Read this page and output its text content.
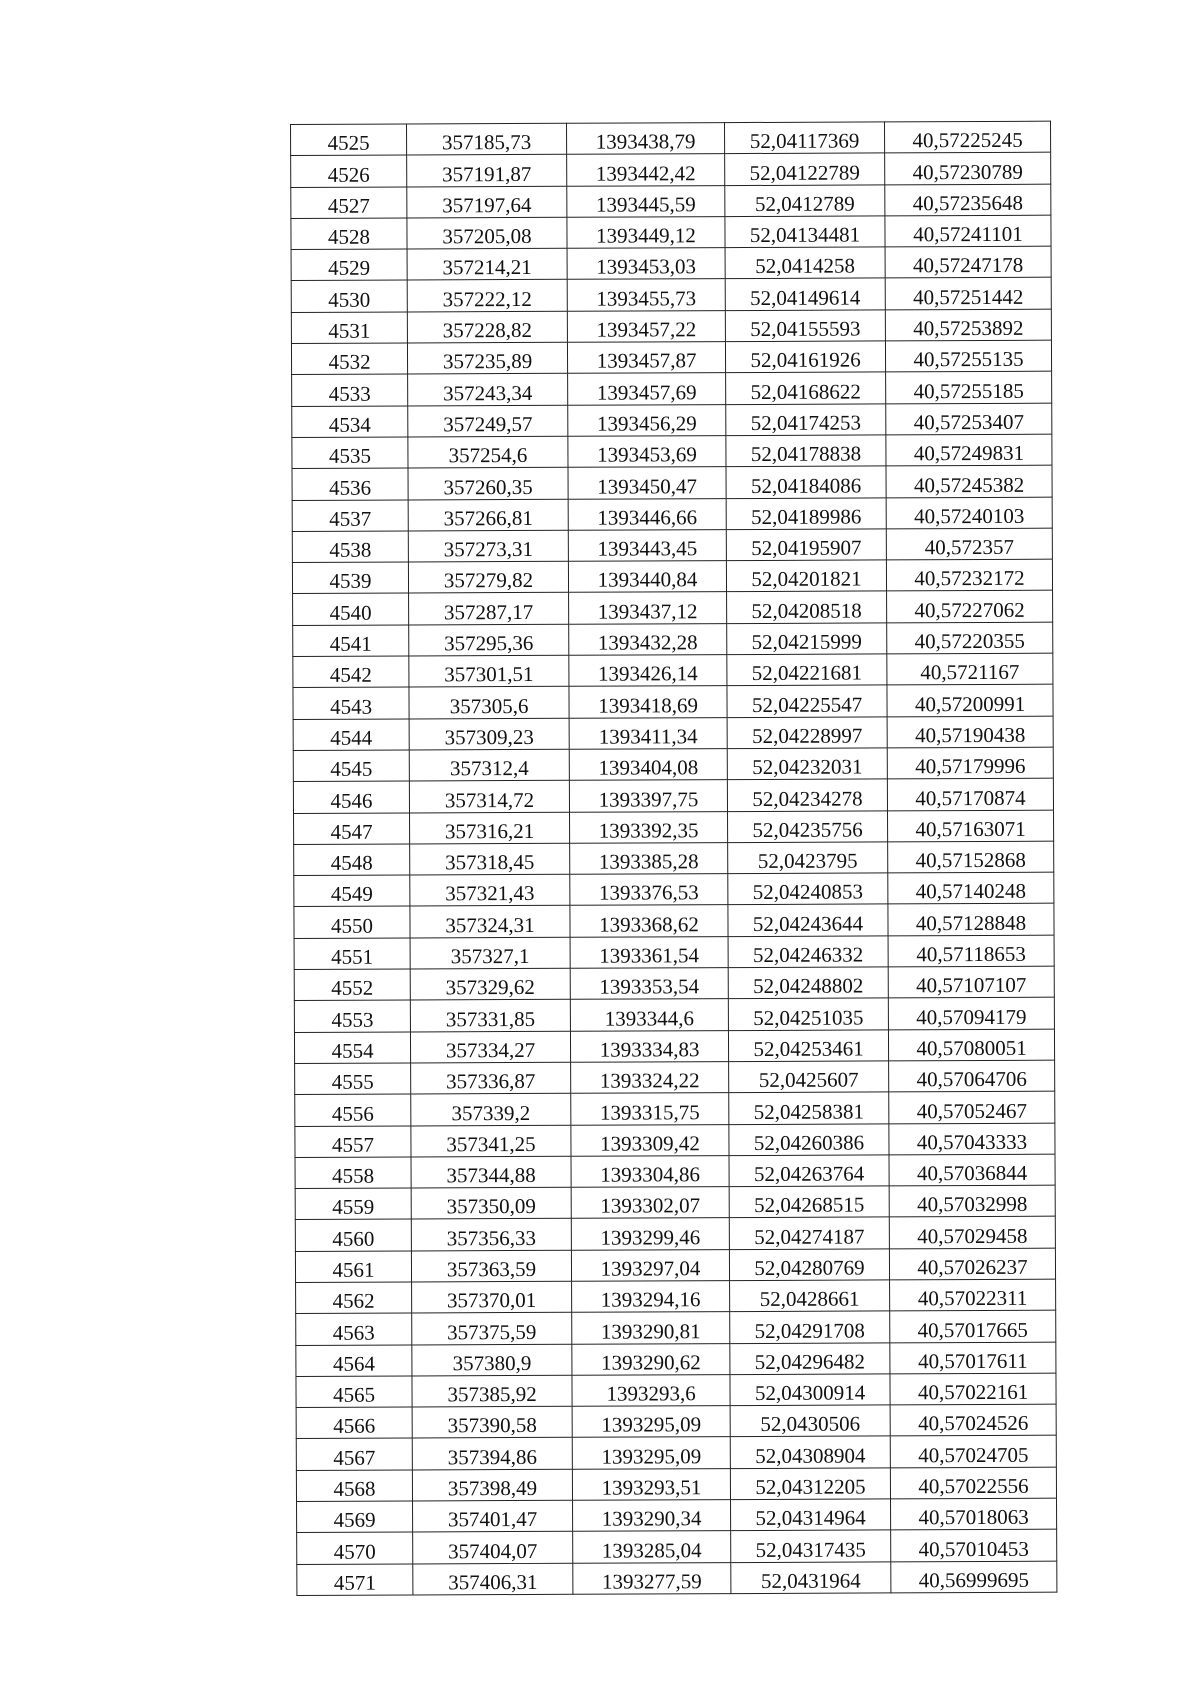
4525	357185,73	1393438,79	52,04117369	40,57225245
4526	357191,87	1393442,42	52,04122789	40,57230789
4527	357197,64	1393445,59	52,0412789	40,57235648
4528	357205,08	1393449,12	52,04134481	40,57241101
4529	357214,21	1393453,03	52,0414258	40,57247178
4530	357222,12	1393455,73	52,04149614	40,57251442
4531	357228,82	1393457,22	52,04155593	40,57253892
4532	357235,89	1393457,87	52,04161926	40,57255135
4533	357243,34	1393457,69	52,04168622	40,57255185
4534	357249,57	1393456,29	52,04174253	40,57253407
4535	357254,6	1393453,69	52,04178838	40,57249831
4536	357260,35	1393450,47	52,04184086	40,57245382
4537	357266,81	1393446,66	52,04189986	40,57240103
4538	357273,31	1393443,45	52,04195907	40,572357
4539	357279,82	1393440,84	52,04201821	40,57232172
4540	357287,17	1393437,12	52,04208518	40,57227062
4541	357295,36	1393432,28	52,04215999	40,57220355
4542	357301,51	1393426,14	52,04221681	40,5721167
4543	357305,6	1393418,69	52,04225547	40,57200991
4544	357309,23	1393411,34	52,04228997	40,57190438
4545	357312,4	1393404,08	52,04232031	40,57179996
4546	357314,72	1393397,75	52,04234278	40,57170874
4547	357316,21	1393392,35	52,04235756	40,57163071
4548	357318,45	1393385,28	52,0423795	40,57152868
4549	357321,43	1393376,53	52,04240853	40,57140248
4550	357324,31	1393368,62	52,04243644	40,57128848
4551	357327,1	1393361,54	52,04246332	40,57118653
4552	357329,62	1393353,54	52,04248802	40,57107107
4553	357331,85	1393344,6	52,04251035	40,57094179
4554	357334,27	1393334,83	52,04253461	40,57080051
4555	357336,87	1393324,22	52,0425607	40,57064706
4556	357339,2	1393315,75	52,04258381	40,57052467
4557	357341,25	1393309,42	52,04260386	40,57043333
4558	357344,88	1393304,86	52,04263764	40,57036844
4559	357350,09	1393302,07	52,04268515	40,57032998
4560	357356,33	1393299,46	52,04274187	40,57029458
4561	357363,59	1393297,04	52,04280769	40,57026237
4562	357370,01	1393294,16	52,0428661	40,57022311
4563	357375,59	1393290,81	52,04291708	40,57017665
4564	357380,9	1393290,62	52,04296482	40,57017611
4565	357385,92	1393293,6	52,04300914	40,57022161
4566	357390,58	1393295,09	52,0430506	40,57024526
4567	357394,86	1393295,09	52,04308904	40,57024705
4568	357398,49	1393293,51	52,04312205	40,57022556
4569	357401,47	1393290,34	52,04314964	40,57018063
4570	357404,07	1393285,04	52,04317435	40,57010453
4571	357406,31	1393277,59	52,0431964	40,56999695
